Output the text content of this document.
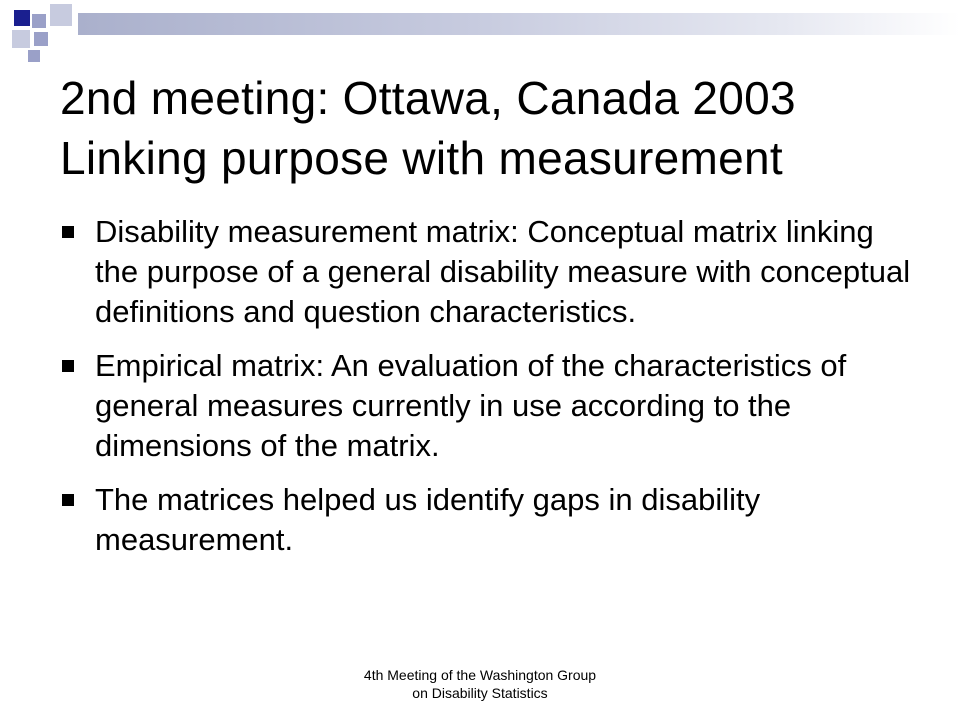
2nd meeting: Ottawa, Canada 2003
Linking purpose with measurement
Disability measurement matrix: Conceptual matrix linking the purpose of a general disability measure with conceptual definitions and question characteristics.
Empirical matrix: An evaluation of the characteristics of general measures currently in use according to the dimensions of the matrix.
The matrices helped us identify gaps in disability measurement.
4th Meeting of the Washington Group
on Disability Statistics
